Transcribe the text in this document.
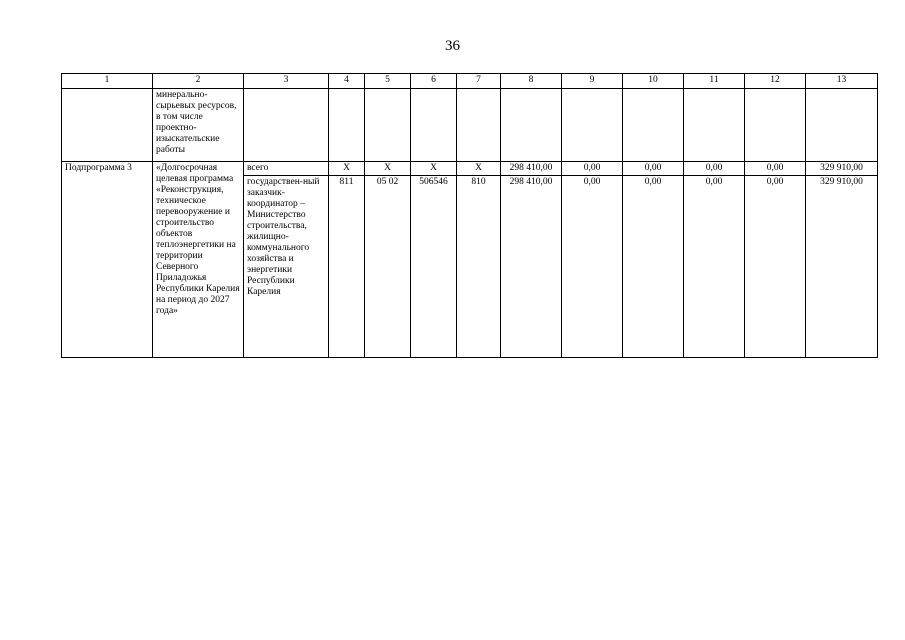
36
1	2	3	4	5	6	7	8	9	10	11	12	13
	минерально-сырьевых ресурсов, в том числе проектно-изыскательские работы											
Подпрограмма 3	«Долгосрочная целевая программа «Реконструкция, техническое перевооружение и строительство объектов теплоэнергетики на территории Северного Приладожья Республики Карелия на период до 2027 года»	всего	X	X	X	X	298 410,00	0,00	0,00	0,00	0,00	329 910,00
		государствен-ный заказчик-координатор – Министерство строительства, жилищно-коммунального хозяйства и энергетики Республики Карелия	811	05 02	506546	810	298 410,00	0,00	0,00	0,00	0,00	329 910,00
